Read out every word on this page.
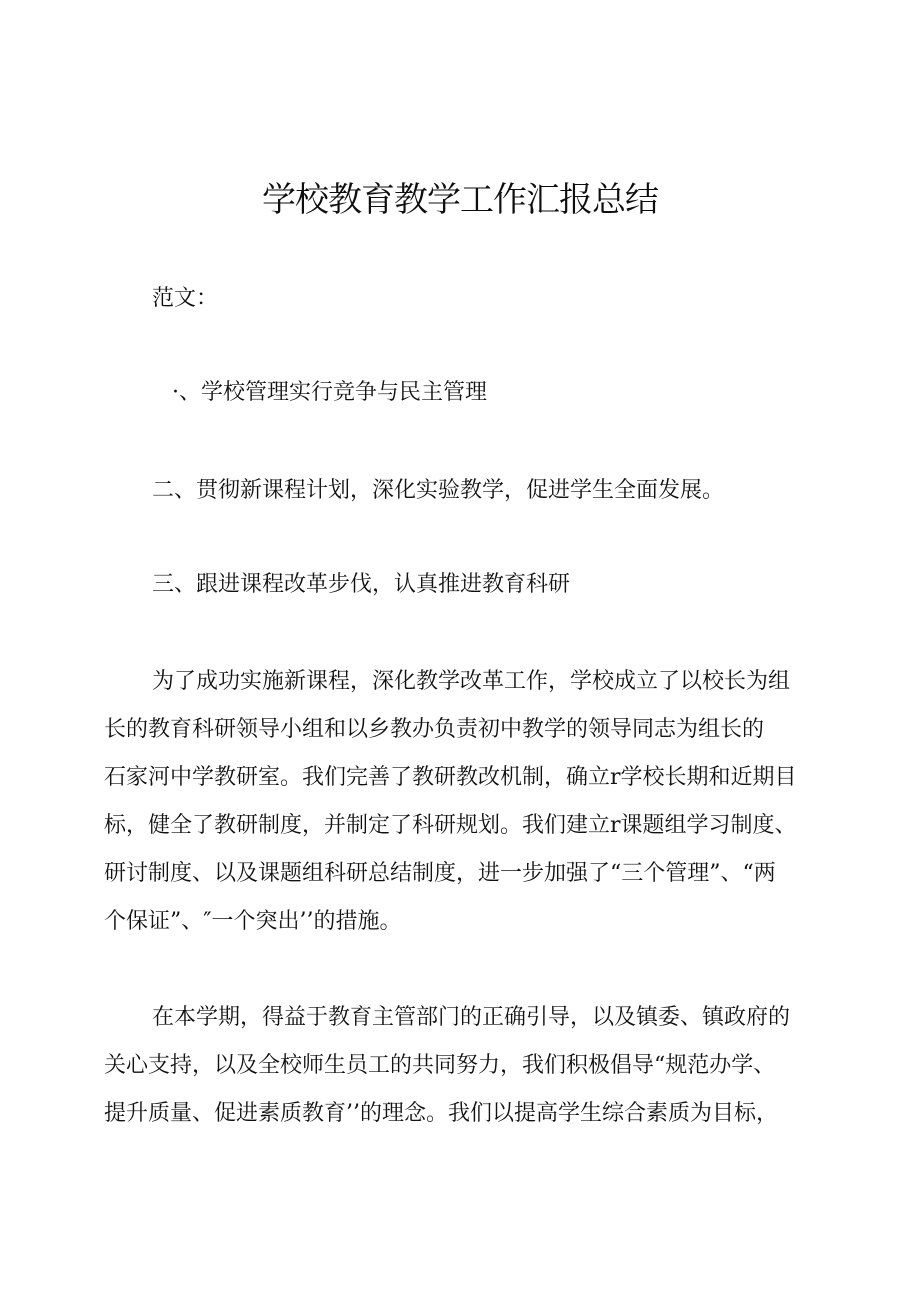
学校教育教学工作汇报总结
范文：
·、学校管理实行竞争与民主管理
二、贯彻新课程计划，深化实验教学，促进学生全面发展。
三、跟进课程改革步伐，认真推进教育科研
为了成功实施新课程，深化教学改革工作，学校成立了以校长为组
长的教育科研领导小组和以乡教办负责初中教学的领导同志为组长的
石家河中学教研室。我们完善了教研教改机制，确立r学校长期和近期目
标，健全了教研制度，并制定了科研规划。我们建立r课题组学习制度、
研讨制度、以及课题组科研总结制度，进一步加强了“三个管理”、“两
个保证”、″一个突出’’的措施。
在本学期，得益于教育主管部门的正确引导，以及镇委、镇政府的
关心支持，以及全校师生员工的共同努力，我们积极倡导“规范办学、
提升质量、促进素质教育’’的理念。我们以提高学生综合素质为目标，
